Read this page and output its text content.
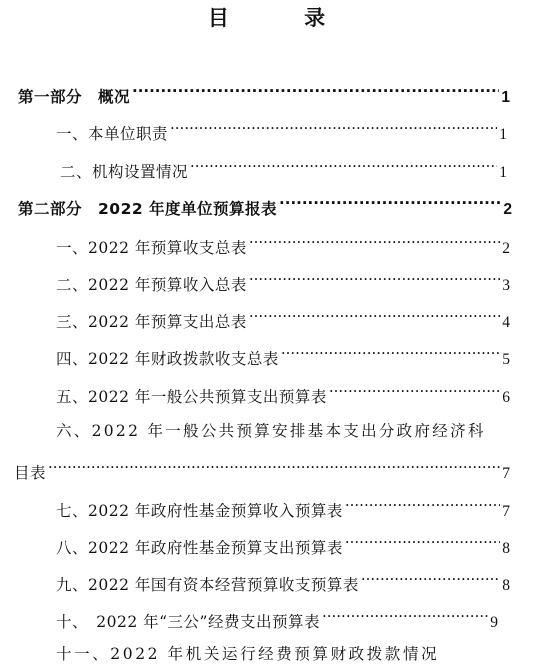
目 录
第一部分　概况 ·····	1
一、本单位职责 ·····	1
二、机构设置情况 ·····	1
第二部分　2022 年度单位预算报表 ·····	2
一、2022 年预算收支总表 ·····	2
二、2022 年预算收入总表 ·····	3
三、2022 年预算支出总表 ·····	4
四、2022 年财政拨款收支总表 ·····	5
五、2022 年一般公共预算支出预算表 ·····	6
六、2022 年一般公共预算安排基本支出分政府经济科
目表 ·····	7
七、2022 年政府性基金预算收入预算表 ·····	7
八、2022 年政府性基金预算支出预算表 ·····	8
九、2022 年国有资本经营预算收支预算表 ·····	8
十、　2022 年“三公”经费支出预算表 ·····	9
十一、2022 年机关运行经费预算财政拨款情况
